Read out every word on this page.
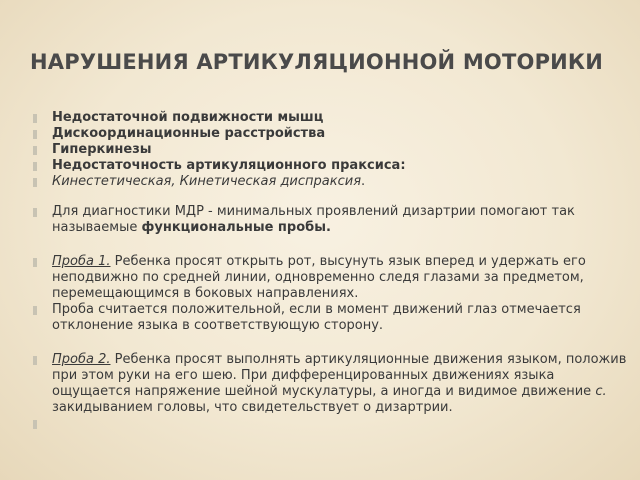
НАРУШЕНИЯ АРТИКУЛЯЦИОННОЙ МОТОРИКИ
Недостаточной подвижности мышц
Дискоординационные расстройства
Гиперкинезы
Недостаточность артикуляционного праксиса:
Кинестетическая, Кинетическая диспраксия.
Для диагностики МДР - минимальных проявлений дизартрии помогают так называемые функциональные пробы.
Проба 1. Ребенка просят открыть рот, высунуть язык вперед и удержать его неподвижно по средней линии, одновременно следя глазами за предметом, перемещающимся в боковых направлениях.
Проба считается положительной, если в момент движений глаз отмечается отклонение языка в соответствующую сторону.
Проба 2. Ребенка просят выполнять артикуляционные движения языком, положив при этом руки на его шею. При дифференцированных движениях языка ощущается напряжение шейной мускулатуры, а иногда и видимое движение с. закидыванием головы, что свидетельствует о дизартрии.
